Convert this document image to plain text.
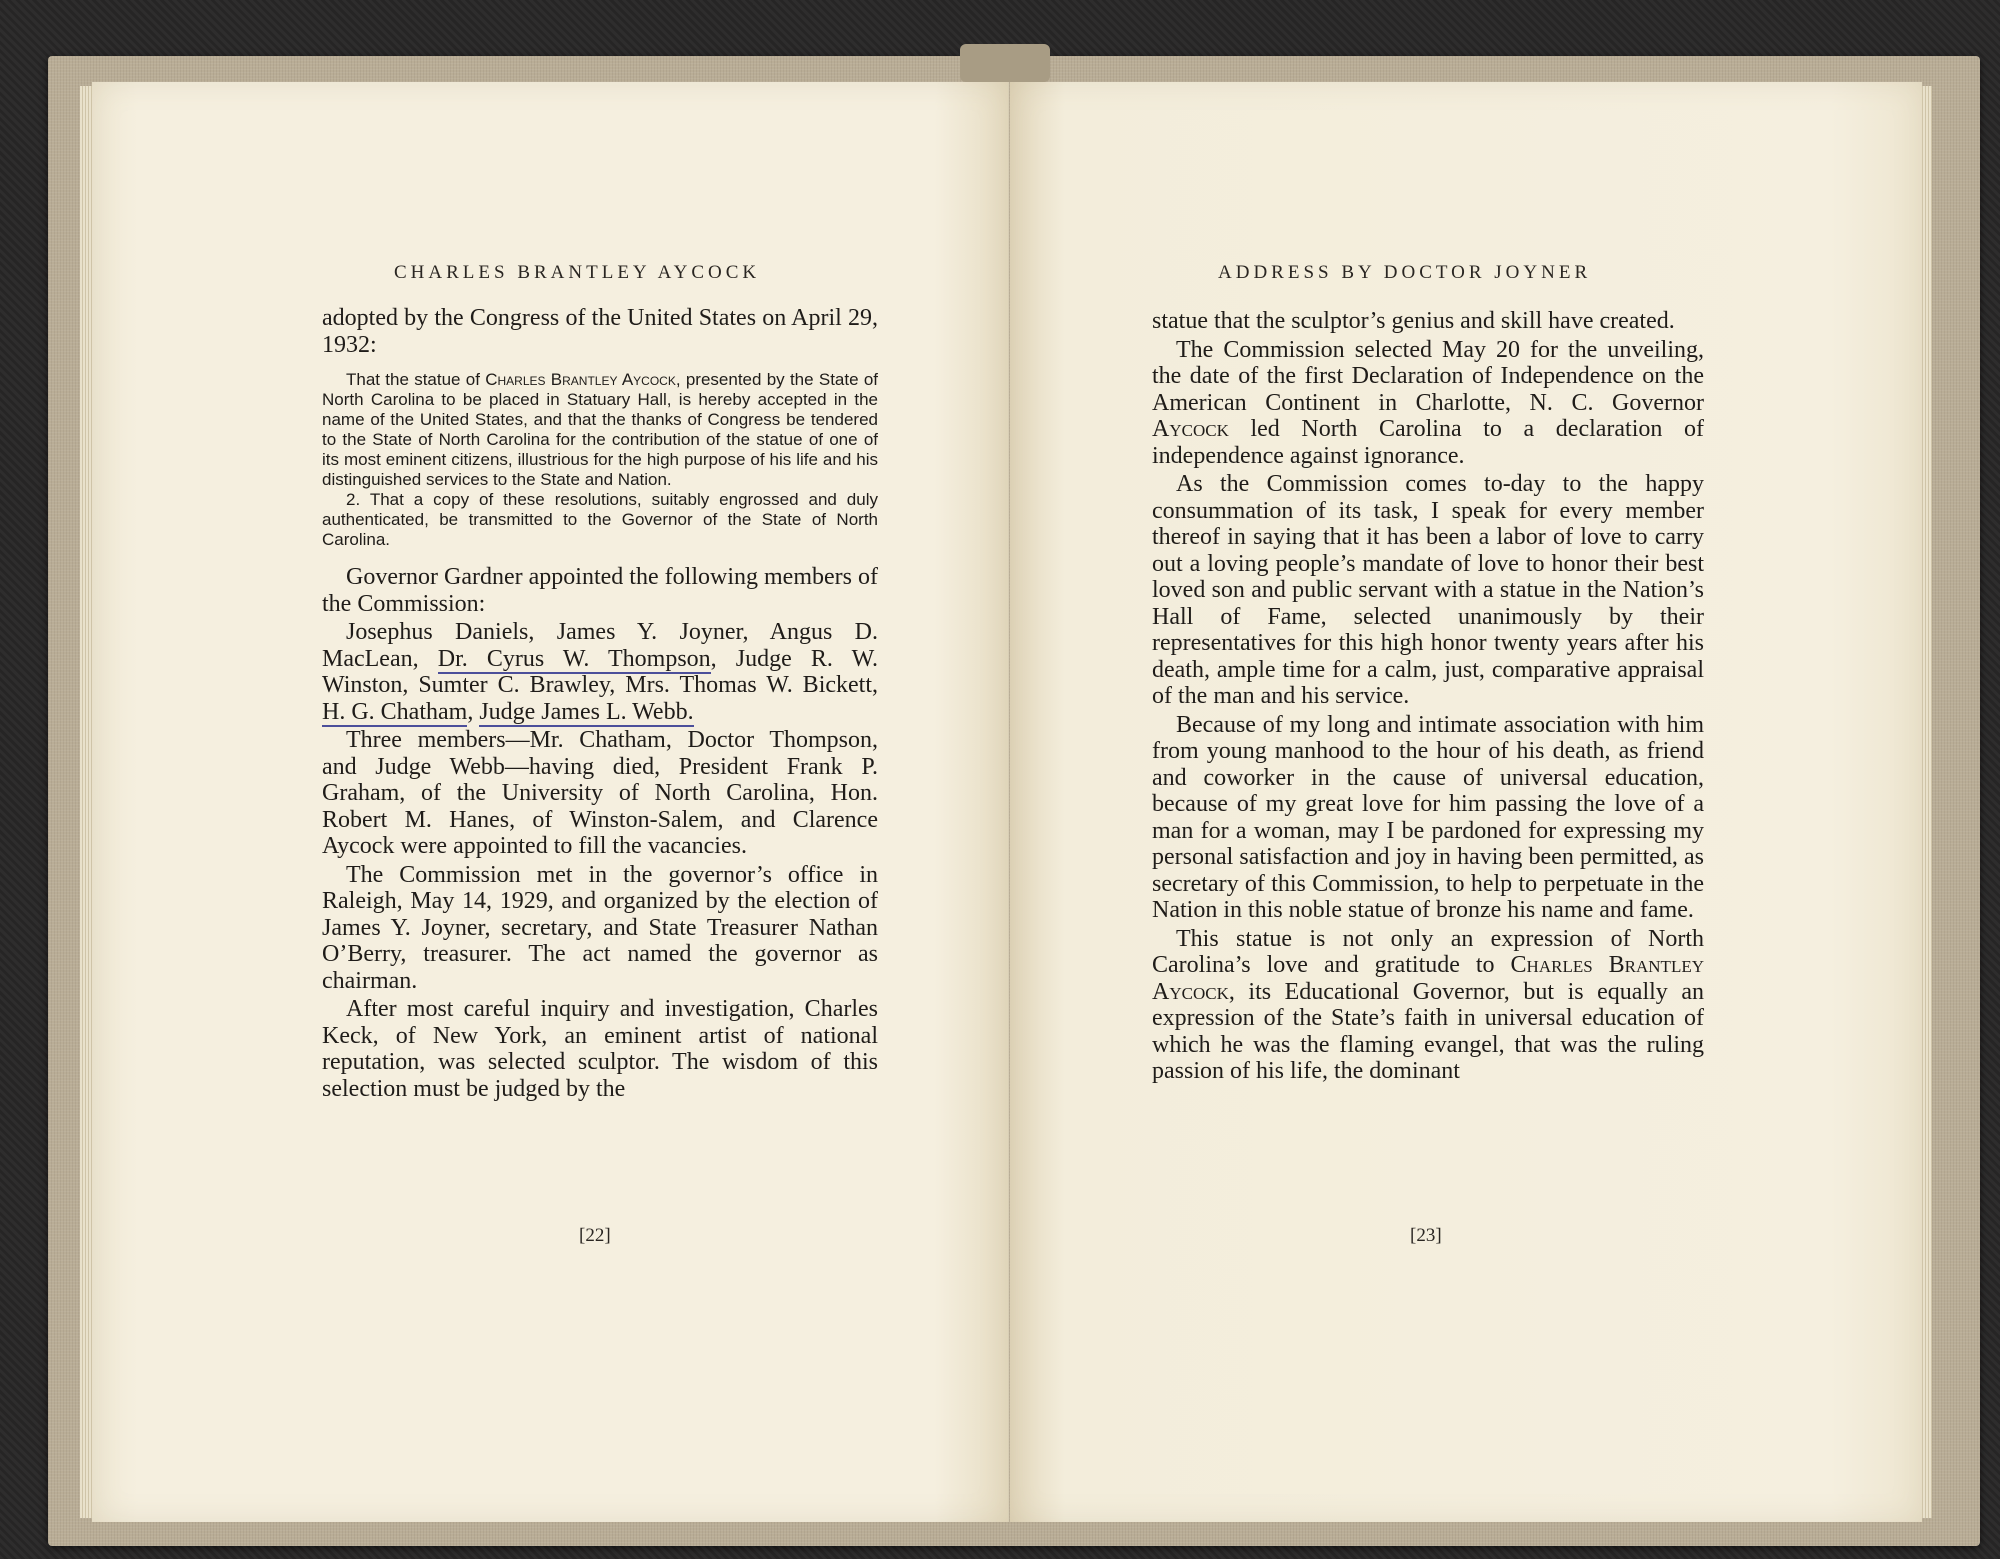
CHARLES BRANTLEY AYCOCK

adopted by the Congress of the United States on April 29, 1932:

That the statue of Charles Brantley Aycock, presented by the State of North Carolina to be placed in Statuary Hall, is hereby accepted in the name of the United States, and that the thanks of Congress be tendered to the State of North Carolina for the contribution of the statue of one of its most eminent citizens, illustrious for the high purpose of his life and his distinguished services to the State and Nation.

2. That a copy of these resolutions, suitably engrossed and duly authenticated, be transmitted to the Governor of the State of North Carolina.

Governor Gardner appointed the following members of the Commission:

Josephus Daniels, James Y. Joyner, Angus D. MacLean, Dr. Cyrus W. Thompson, Judge R. W. Winston, Sumter C. Brawley, Mrs. Thomas W. Bickett, H. G. Chatham, Judge James L. Webb.

Three members—Mr. Chatham, Doctor Thompson, and Judge Webb—having died, President Frank P. Graham, of the University of North Carolina, Hon. Robert M. Hanes, of Winston-Salem, and Clarence Aycock were appointed to fill the vacancies.

The Commission met in the governor’s office in Raleigh, May 14, 1929, and organized by the election of James Y. Joyner, secretary, and State Treasurer Nathan O’Berry, treasurer. The act named the governor as chairman.

After most careful inquiry and investigation, Charles Keck, of New York, an eminent artist of national reputation, was selected sculptor. The wisdom of this selection must be judged by the

[22]
ADDRESS BY DOCTOR JOYNER

statue that the sculptor’s genius and skill have created.

The Commission selected May 20 for the unveiling, the date of the first Declaration of Independence on the American Continent in Charlotte, N. C. Governor Aycock led North Carolina to a declaration of independence against ignorance.

As the Commission comes to-day to the happy consummation of its task, I speak for every member thereof in saying that it has been a labor of love to carry out a loving people’s mandate of love to honor their best loved son and public servant with a statue in the Nation’s Hall of Fame, selected unanimously by their representatives for this high honor twenty years after his death, ample time for a calm, just, comparative appraisal of the man and his service.

Because of my long and intimate association with him from young manhood to the hour of his death, as friend and coworker in the cause of universal education, because of my great love for him passing the love of a man for a woman, may I be pardoned for expressing my personal satisfaction and joy in having been permitted, as secretary of this Commission, to help to perpetuate in the Nation in this noble statue of bronze his name and fame.

This statue is not only an expression of North Carolina’s love and gratitude to Charles Brantley Aycock, its Educational Governor, but is equally an expression of the State’s faith in universal education of which he was the flaming evangel, that was the ruling passion of his life, the dominant

[23]
